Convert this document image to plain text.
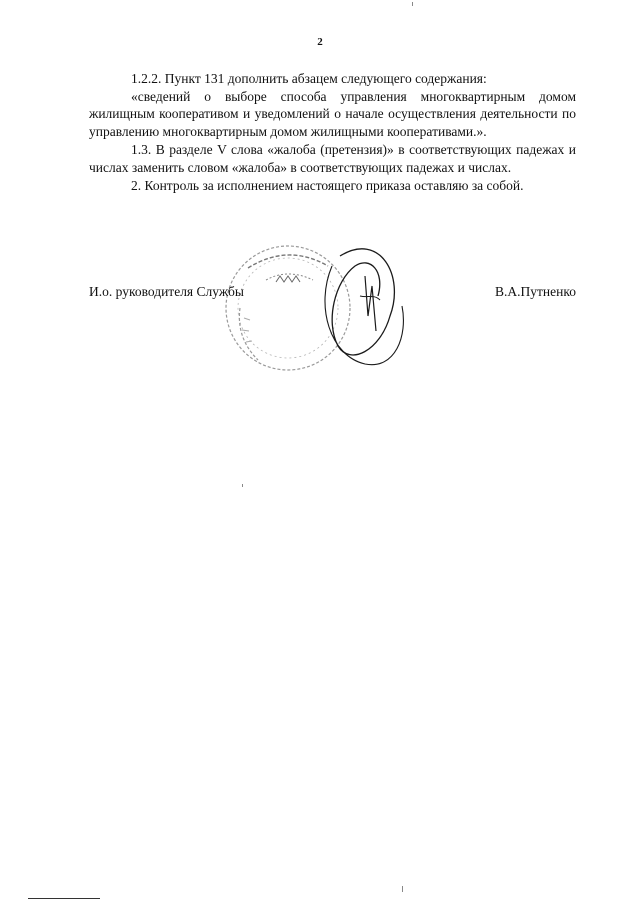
2

1.2.2. Пункт 131 дополнить абзацем следующего содержания:

«сведений о выборе способа управления многоквартирным домом жилищным кооперативом и уведомлений о начале осуществления деятельности по управлению многоквартирным домом жилищными кооперативами.».

1.3. В разделе V слова «жалоба (претензия)» в соответствующих падежах и числах заменить словом «жалоба» в соответствующих падежах и числах.

2. Контроль за исполнением настоящего приказа оставляю за собой.

И.о. руководителя Службы	В.А.Путненко
